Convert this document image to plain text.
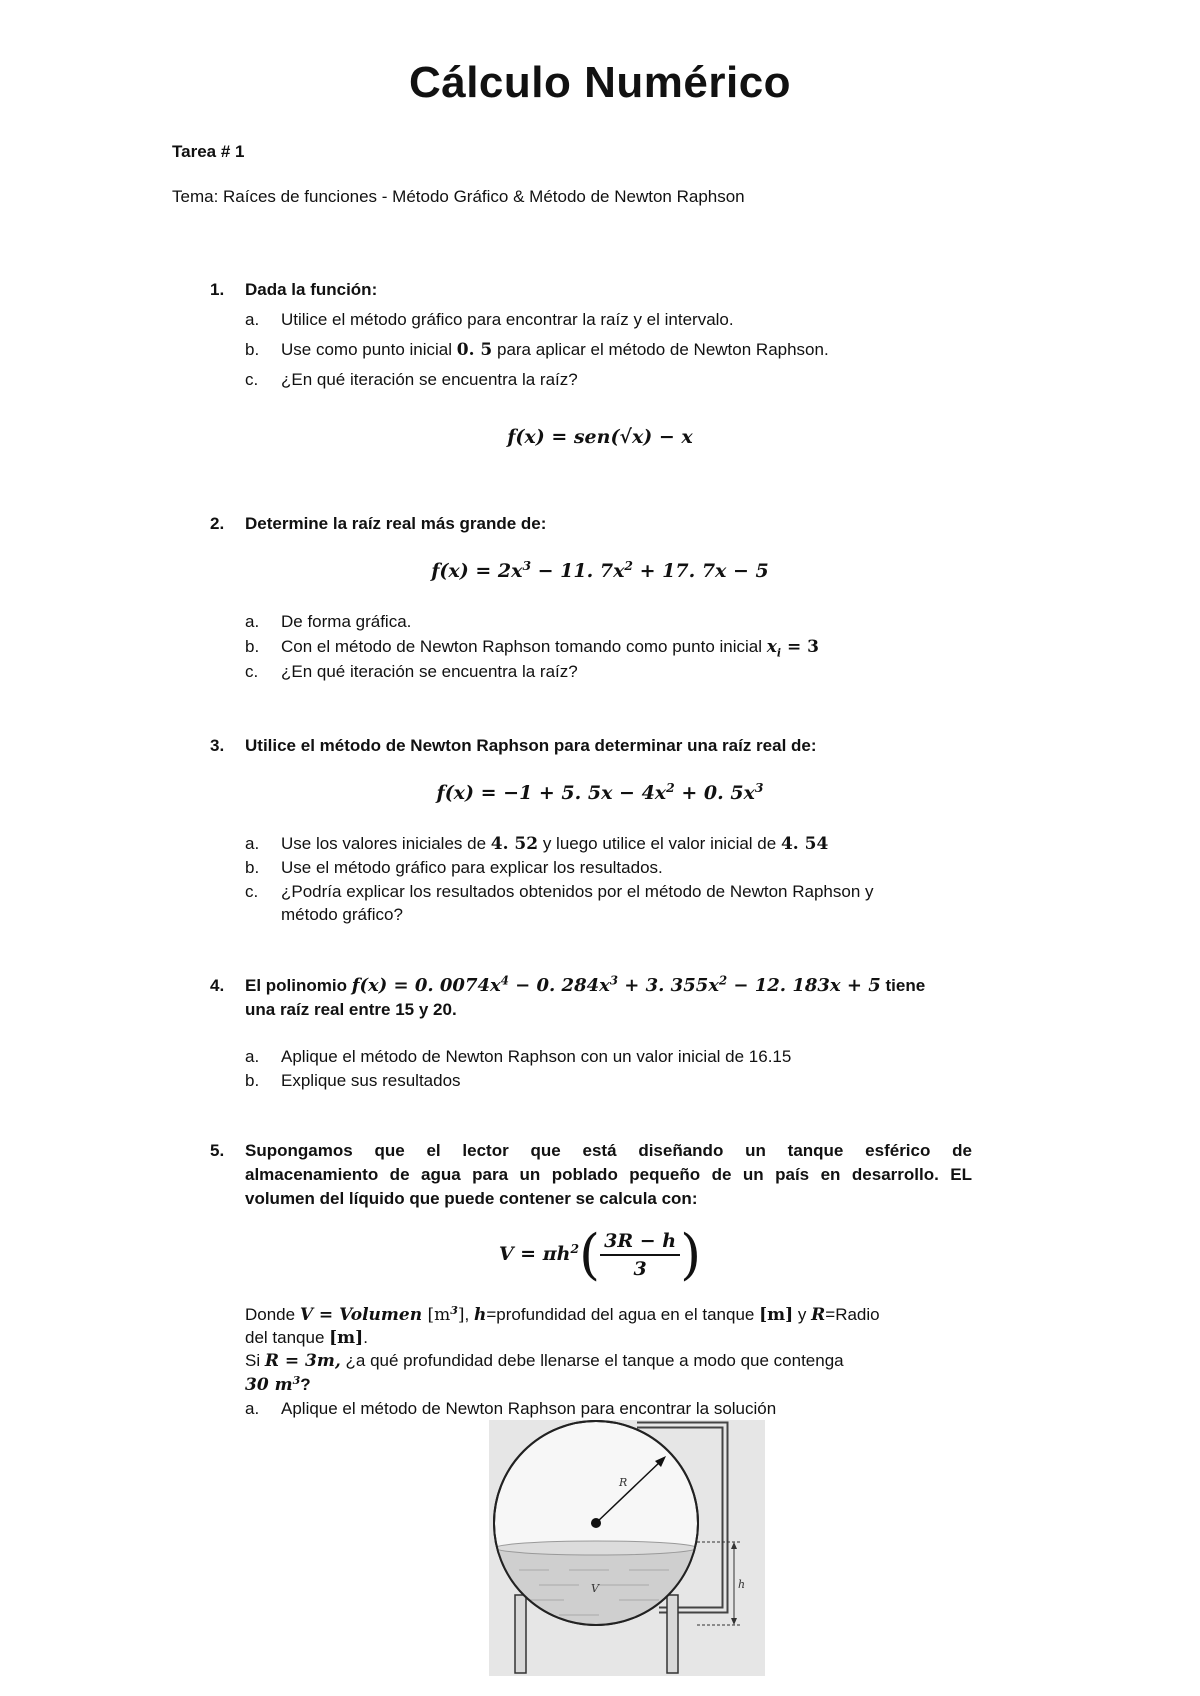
Cálculo Numérico
Tarea # 1
Tema: Raíces de funciones - Método Gráfico & Método de Newton Raphson
1. Dada la función:
a. Utilice el método gráfico para encontrar la raíz y el intervalo.
b. Use como punto inicial 0. 5 para aplicar el método de Newton Raphson.
c. ¿En qué iteración se encuentra la raíz?
f(x) = sen(√x) − x
2. Determine la raíz real más grande de:
$f(x) = 2x^3 - 11$. $7x^2 + 17$. 7x − 5
a. De forma gráfica.
b. Con el método de Newton Raphson tomando como punto inicial $x_i = 3$
c. ¿En qué iteración se encuentra la raíz?
3. Utilice el método de Newton Raphson para determinar una raíz real de:
f(x) = −1 + 5. $5x - 4x^2 + 0$. $5x^3$
a. Use los valores iniciales de 4. 52 y luego utilice el valor inicial de 4. 54
b. Use el método gráfico para explicar los resultados.
c. ¿Podría explicar los resultados obtenidos por el método de Newton Raphson y
método gráfico?
4. El polinomio f(x) = 0. $0074x^4 - 0$. $284x^3 + 3$. $355x^2 - 12$. 183x + 5 tiene
una raíz real entre 15 y 20.
a. Aplique el método de Newton Raphson con un valor inicial de 16.15
b. Explique sus resultados
5. Supongamos que el lector que está diseñando un tanque esférico de
almacenamiento de agua para un poblado pequeño de un país en desarrollo. EL
volumen del líquido que puede contener se calcula con:
$V = \pi h^2( \frac{3R - h}{3}$ )
Donde V = Volumen $[m^3]$, h=profundidad del agua en el tanque [m] y R=Radio
del tanque [m].
Si R = 3m, ¿a qué profundidad debe llenarse el tanque a modo que contenga
30 $m^3$?
a. Aplique el método de Newton Raphson para encontrar la solución
R
h
V
